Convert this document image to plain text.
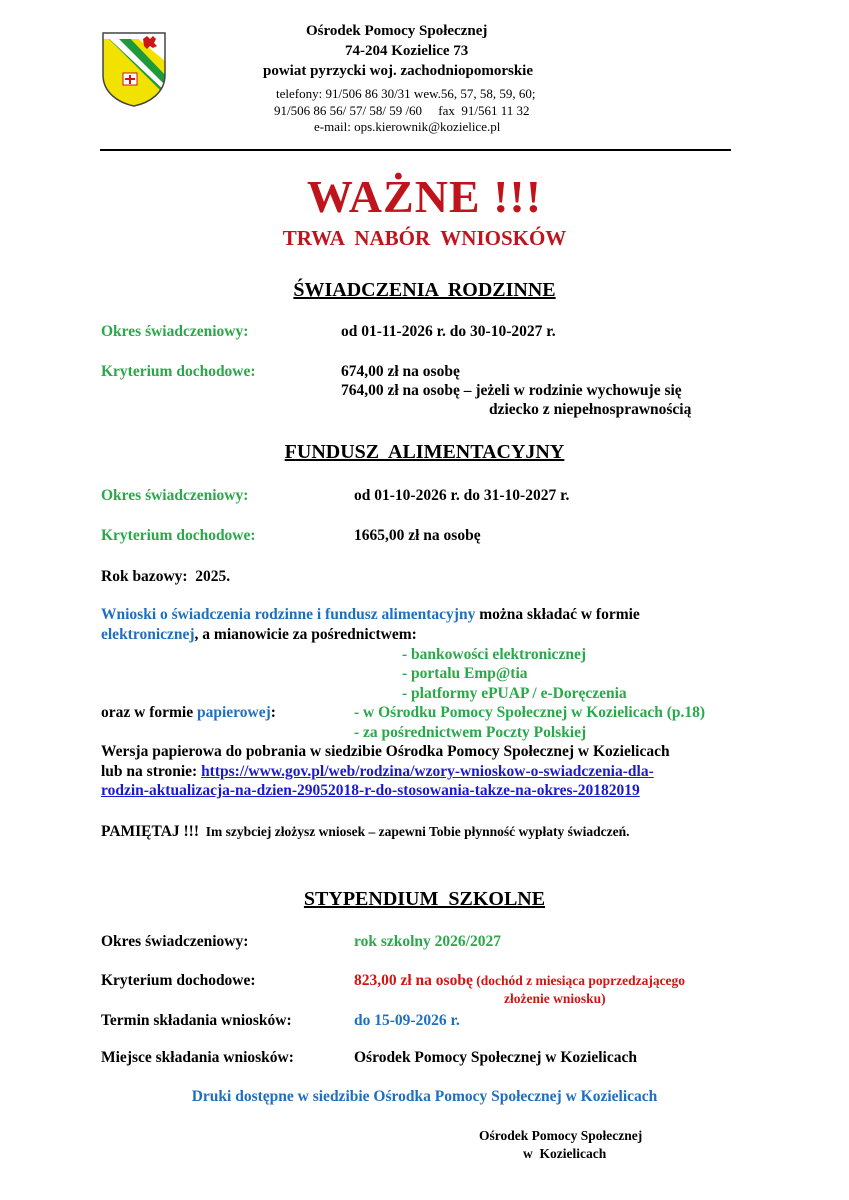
Ośrodek Pomocy Społecznej
74-204 Kozielice 73
powiat pyrzycki woj. zachodniopomorskie
telefony: 91/506 86 30/31 wew.56, 57, 58, 59, 60;
91/506 86 56/ 57/ 58/ 59 /60     fax  91/561 11 32
e-mail: ops.kierownik@kozielice.pl
WAŻNE !!!
TRWA  NABÓR  WNIOSKÓW
ŚWIADCZENIA  RODZINNE
Okres świadczeniowy:	od 01-11-2026 r. do 30-10-2027 r.
Kryterium dochodowe:	674,00 zł na osobę
764,00 zł na osobę – jeżeli w rodzinie wychowuje się
dziecko z niepełnosprawnością
FUNDUSZ  ALIMENTACYJNY
Okres świadczeniowy:	od 01-10-2026 r. do 31-10-2027 r.
Kryterium dochodowe:	1665,00 zł na osobę
Rok bazowy:  2025.
Wnioski o świadczenia rodzinne i fundusz alimentacyjny można składać w formie
elektronicznej, a mianowicie za pośrednictwem:
- bankowości elektronicznej
- portalu Emp@tia
- platformy ePUAP / e-Doręczenia
oraz w formie papierowej:	- w Ośrodku Pomocy Społecznej w Kozielicach (p.18)
- za pośrednictwem Poczty Polskiej
Wersja papierowa do pobrania w siedzibie Ośrodka Pomocy Społecznej w Kozielicach
lub na stronie: https://www.gov.pl/web/rodzina/wzory-wnioskow-o-swiadczenia-dla-
rodzin-aktualizacja-na-dzien-29052018-r-do-stosowania-takze-na-okres-20182019
PAMIĘTAJ !!!  Im szybciej złożysz wniosek – zapewni Tobie płynność wypłaty świadczeń.
STYPENDIUM  SZKOLNE
Okres świadczeniowy:	rok szkolny 2026/2027
Kryterium dochodowe:	823,00 zł na osobę (dochód z miesiąca poprzedzającego
złożenie wniosku)
Termin składania wniosków:	do 15-09-2026 r.
Miejsce składania wniosków:	Ośrodek Pomocy Społecznej w Kozielicach
Druki dostępne w siedzibie Ośrodka Pomocy Społecznej w Kozielicach
Ośrodek Pomocy Społecznej
w  Kozielicach
